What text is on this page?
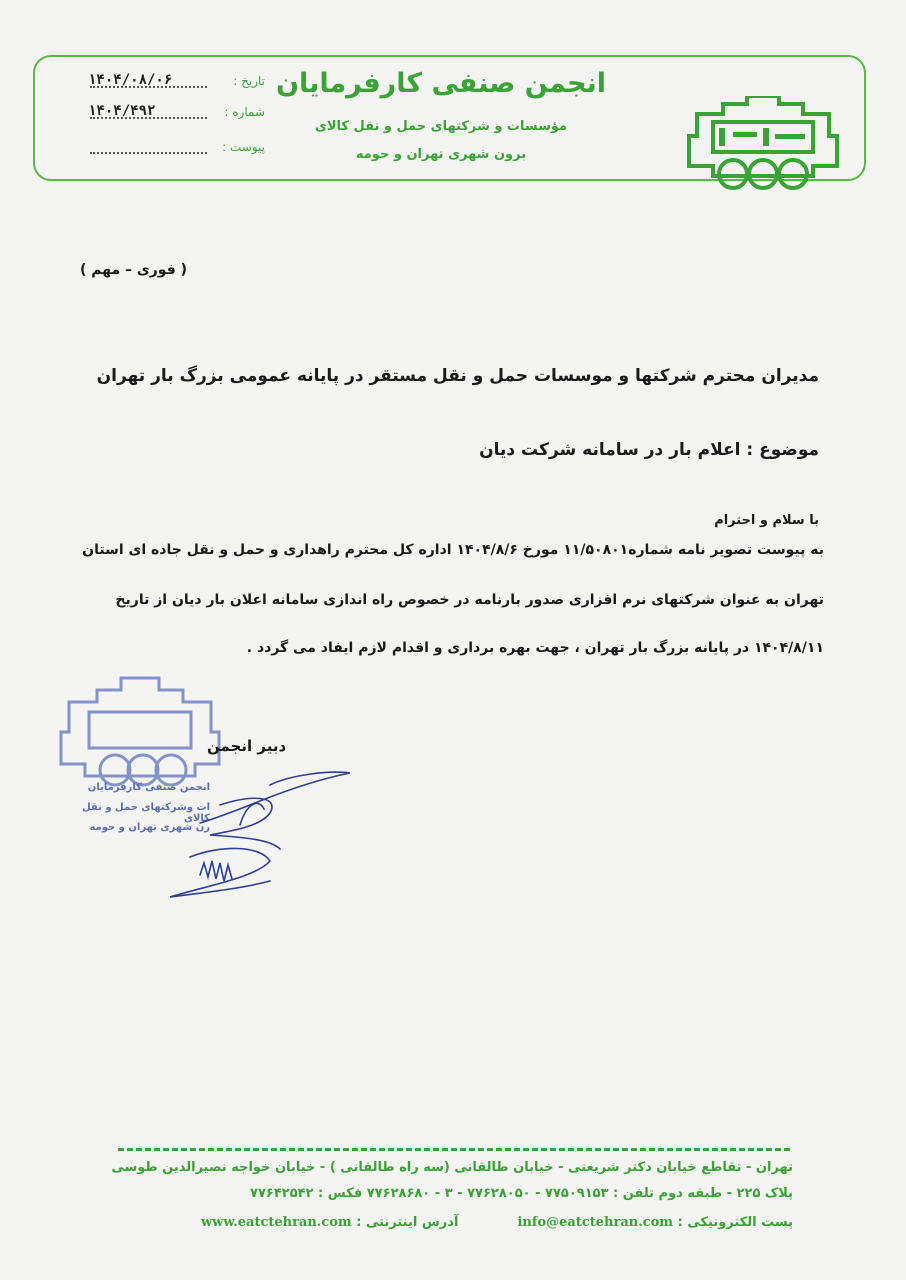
انجمن صنفی کارفرمایان
مؤسسات و شرکتهای حمل و نقل کالای
برون شهری تهران و حومه
تاریخ :
۱۴۰۴/۰۸/۰۶
شماره :
۱۴۰۴/۴۹۲
پیوست :
( فوری – مهم )
مدیران محترم شرکتها و موسسات حمل و نقل مستقر در پایانه عمومی بزرگ بار تهران
موضوع : اعلام بار در سامانه شرکت دیان
با سلام و احترام
به پیوست تصویر نامه شماره۱۱/۵۰۸۰۱ مورخ ۱۴۰۴/۸/۶ اداره کل محترم راهداری و حمل و نقل جاده ای استان
تهران به عنوان شرکتهای نرم افزاری صدور بارنامه در خصوص راه اندازی سامانه اعلان بار دیان از تاریخ
۱۴۰۴/۸/۱۱ در پایانه بزرگ بار تهران ، جهت بهره برداری و اقدام لازم ایفاد می گردد .
انجمن صنفی کارفرمایان
ات وشرکتهای حمل و نقل کالای
رن شهری تهران و حومه
دبیر انجمن
تهران - تقاطع خیابان دکتر شریعتی - خیابان طالقانی (سه راه طالقانی ) - خیابان خواجه نصیرالدین طوسی
پلاک ۲۲۵ - طبقه دوم تلفن : ۷۷۵۰۹۱۵۳ - ۷۷۶۲۸۰۵۰ - ۳ - ۷۷۶۲۸۶۸۰ فکس : ۷۷۶۴۲۵۴۲
پست الکترونیکی : info@eatctehran.com  آدرس اینترنتی : www.eatctehran.com
